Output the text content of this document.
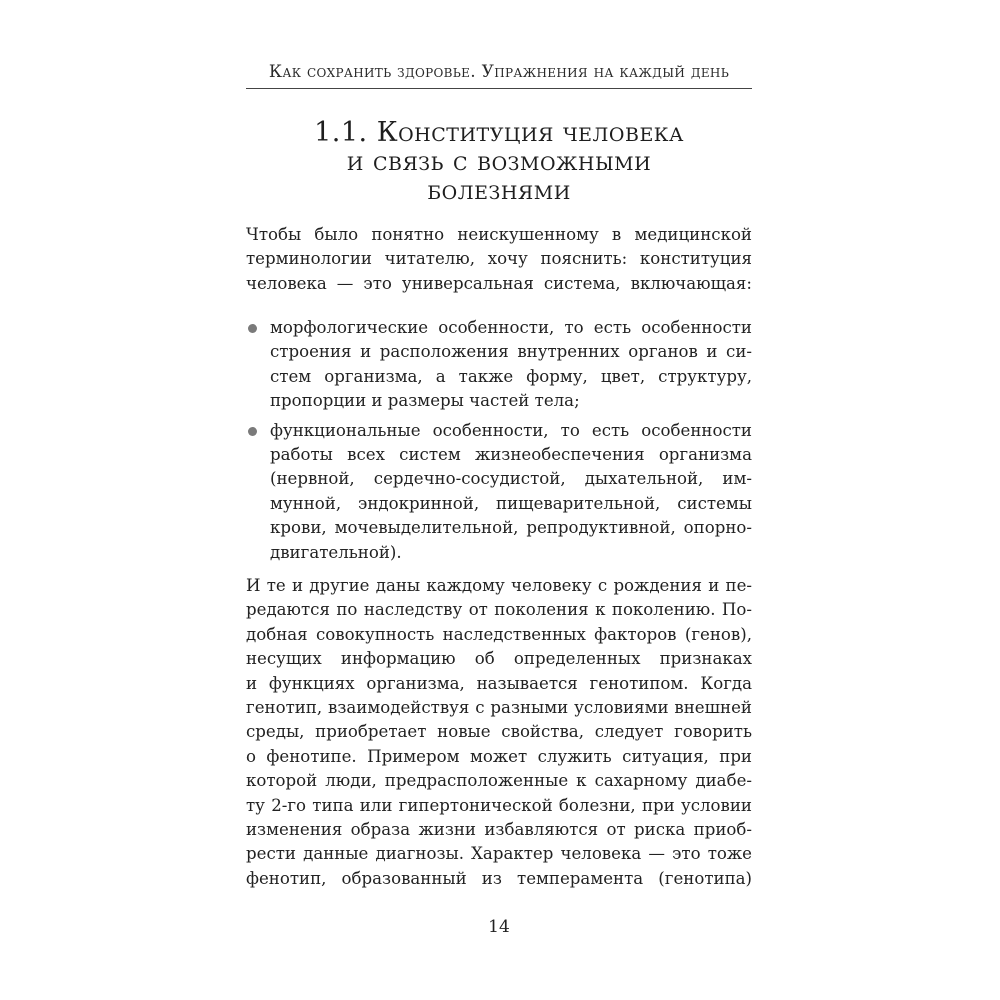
Как сохранить здоровье. Упражнения на каждый день
1.1. Конституция человека
и связь с возможными
болезнями
Чтобы было понятно неискушенному в медицинской
терминологии читателю, хочу пояснить: конституция
человека — это универсальная система, включающая:
морфологические особенности, то есть особенности
строения и расположения внутренних органов и си-
стем организма, а также форму, цвет, структуру,
пропорции и размеры частей тела;
функциональные особенности, то есть особенности
работы всех систем жизнеобеспечения организма
(нервной, сердечно-сосудистой, дыхательной, им-
мунной, эндокринной, пищеварительной, системы
крови, мочевыделительной, репродуктивной, опорно-
двигательной).
И те и другие даны каждому человеку с рождения и пе-
редаются по наследству от поколения к поколению. По-
добная совокупность наследственных факторов (генов),
несущих информацию об определенных признаках
и функциях организма, называется генотипом. Когда
генотип, взаимодействуя с разными условиями внешней
среды, приобретает новые свойства, следует говорить
о фенотипе. Примером может служить ситуация, при
которой люди, предрасположенные к сахарному диабе-
ту 2-го типа или гипертонической болезни, при условии
изменения образа жизни избавляются от риска приоб-
рести данные диагнозы. Характер человека — это тоже
фенотип, образованный из темперамента (генотипа)
14
